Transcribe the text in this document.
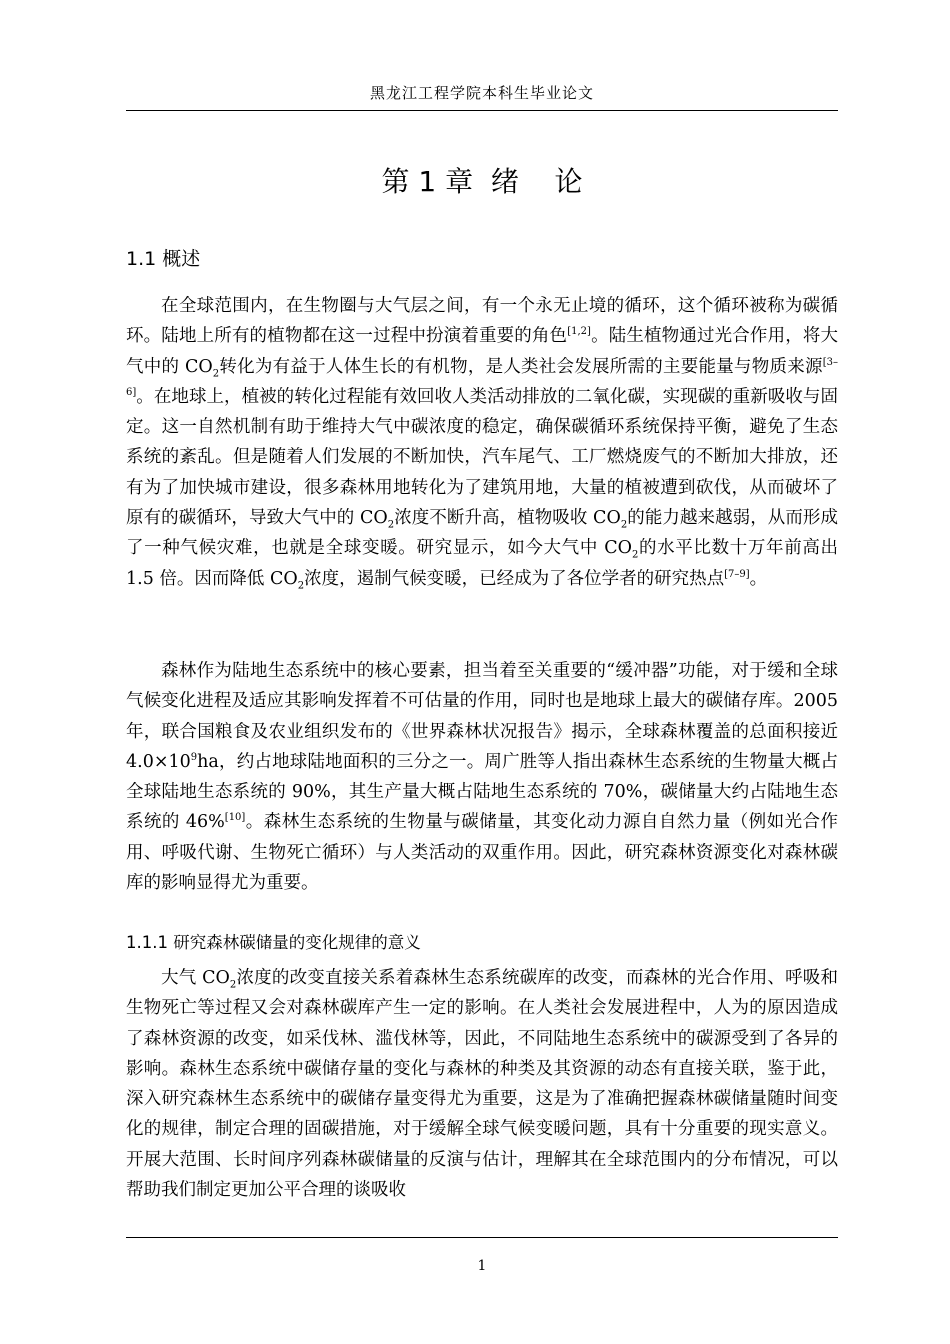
黑龙江工程学院本科生毕业论文
第 1 章  绪    论
1.1 概述

在全球范围内，在生物圈与大气层之间，有一个永无止境的循环，这个循环被称为碳循环。陆地上所有的植物都在这一过程中扮演着重要的角色[1,2]。陆生植物通过光合作用，将大气中的 $CO_2$转化为有益于人体生长的有机物，是人类社会发展所需的主要能量与物质来源[3–6]。在地球上，植被的转化过程能有效回收人类活动排放的二氧化碳，实现碳的重新吸收与固定。这一自然机制有助于维持大气中碳浓度的稳定，确保碳循环系统保持平衡，避免了生态系统的紊乱。但是随着人们发展的不断加快，汽车尾气、工厂燃烧废气的不断加大排放，还有为了加快城市建设，很多森林用地转化为了建筑用地，大量的植被遭到砍伐，从而破坏了原有的碳循环，导致大气中的 $CO_2$浓度不断升高，植物吸收 $CO_2$的能力越来越弱，从而形成了一种气候灾难，也就是全球变暖。研究显示，如今大气中 $CO_2$的水平比数十万年前高出 1.5 倍。因而降低 $CO_2$浓度，遏制气候变暖，已经成为了各位学者的研究热点[7–9]。

森林作为陆地生态系统中的核心要素，担当着至关重要的“缓冲器”功能，对于缓和全球气候变化进程及适应其影响发挥着不可估量的作用，同时也是地球上最大的碳储存库。2005 年，联合国粮食及农业组织发布的《世界森林状况报告》揭示，全球森林覆盖的总面积接近 $4.0\times 10^9ha$，约占地球陆地面积的三分之一。周广胜等人指出森林生态系统的生物量大概占全球陆地生态系统的 90%，其生产量大概占陆地生态系统的 70%，碳储量大约占陆地生态系统的 46%[10]。森林生态系统的生物量与碳储量，其变化动力源自自然力量（例如光合作用、呼吸代谢、生物死亡循环）与人类活动的双重作用。因此，研究森林资源变化对森林碳库的影响显得尤为重要。

1.1.1 研究森林碳储量的变化规律的意义

大气 $CO_2$浓度的改变直接关系着森林生态系统碳库的改变，而森林的光合作用、呼吸和生物死亡等过程又会对森林碳库产生一定的影响。在人类社会发展进程中，人为的原因造成了森林资源的改变，如采伐林、滥伐林等，因此，不同陆地生态系统中的碳源受到了各异的影响。森林生态系统中碳储存量的变化与森林的种类及其资源的动态有直接关联，鉴于此，深入研究森林生态系统中的碳储存量变得尤为重要，这是为了准确把握森林碳储量随时间变化的规律，制定合理的固碳措施，对于缓解全球气候变暖问题，具有十分重要的现实意义。开展大范围、长时间序列森林碳储量的反演与估计，理解其在全球范围内的分布情况，可以帮助我们制定更加公平合理的谈吸收

1
